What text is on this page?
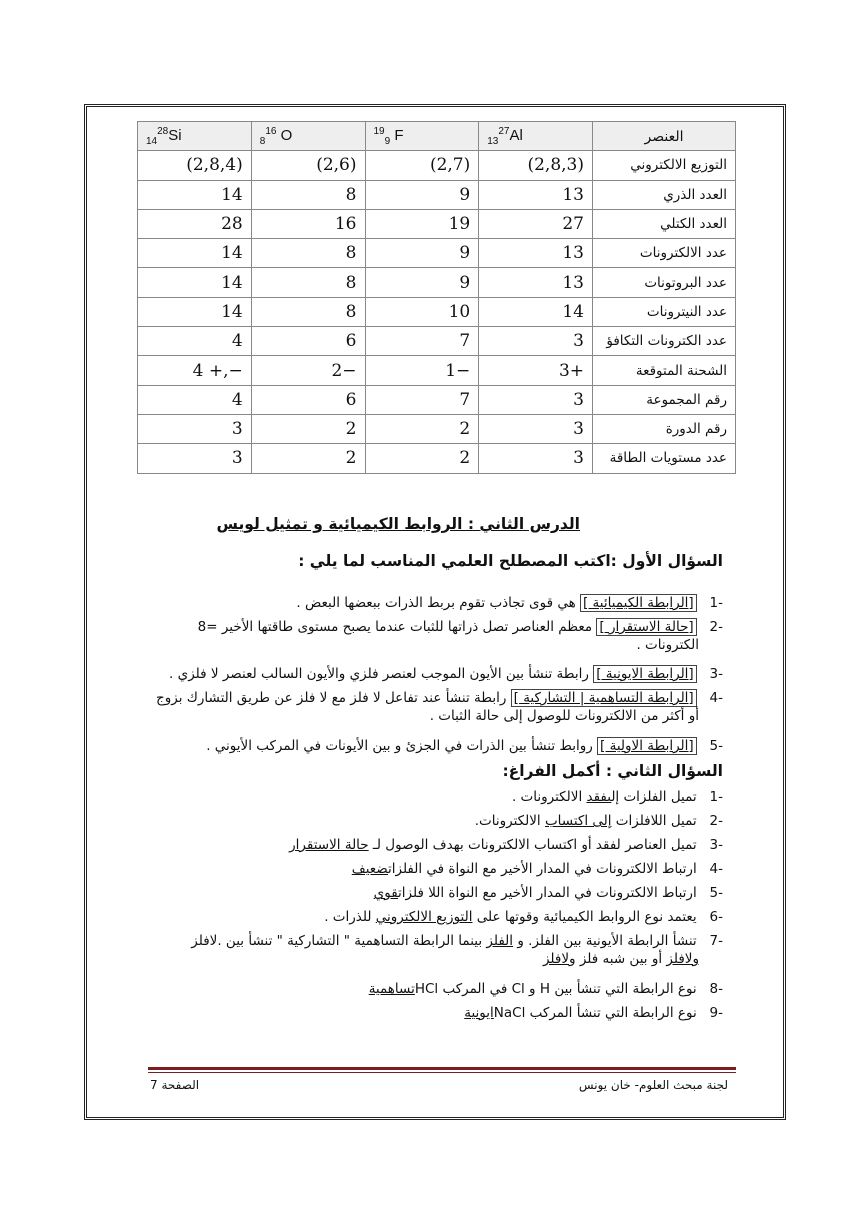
$_{14}^{28}$Si	$_8^{16}$ O	$^{19}_9$ F	$_{13}^{27}$Al	العنصر
(2,8,4)	(2,6)	(2,7)	(2,8,3)	التوزيع الالكتروني
14	8	9	13	العدد الذري
28	16	19	27	العدد الكتلي
14	8	9	13	عدد الالكترونات
14	8	9	13	عدد البروتونات
14	8	10	14	عدد النيترونات
4	6	7	3	عدد الكترونات التكافؤ
4 +,−	2−	1−	3+	الشحنة المتوقعة
4	6	7	3	رقم المجموعة
3	2	2	3	رقم الدورة
3	2	2	3	عدد مستويات الطاقة
الدرس الثاني : الروابط الكيميائية و تمثيل لويس
السؤال الأول :اكتب المصطلح العلمي المناسب لما يلي :
-1 [الرابطة الكيميائية ] هي قوى تجاذب تقوم بربط الذرات ببعضها البعض .
-2 [حالة الاستقرار ] معظم العناصر تصل ذراتها للثبات عندما يصبح مستوى طاقتها الأخير =8
الكترونات .
-3 [الرابطة الايونية ] رابطة تنشأ بين الأيون الموجب لعنصر فلزي والأيون السالب لعنصر لا فلزي .
-4 [الرابطة التساهمية | التشاركية ] رابطة تنشأ عند تفاعل لا فلز مع لا فلز عن طريق التشارك بزوج
أو أكثر من الالكترونات للوصول إلى حالة الثبات .
-5 [الرابطة الاولية ] روابط تنشأ بين الذرات في الجزئ و بين الأيونات في المركب الأيوني .
السؤال الثاني : أكمل الفراغ:
-1 تميل الفلزات إلىفقد الالكترونات .
-2 تميل اللافلزات إلى اكتساب الالكترونات.
-3 تميل العناصر لفقد أو اكتساب الالكترونات بهدف الوصول لـ حالة الاستقرار
-4 ارتباط الالكترونات في المدار الأخير مع النواة في الفلزاتضعيف
-5 ارتباط الالكترونات في المدار الأخير مع النواة اللا فلزاتقوي
-6 يعتمد نوع الروابط الكيميائية وقوتها على التوزيع الالكتروني للذرات .
-7 تنشأ الرابطة الأيونية بين الفلز. و الفلز بينما الرابطة التساهمية " التشاركية " تنشأ بين .لافلز
ولافلز أو بين شبه فلز ولافلز
-8 نوع الرابطة التي تنشأ بين H و Cl في المركب HClتساهمية
-9 نوع الرابطة التي تنشأ المركب NaClايونية
الصفحة 7	لجنة مبحث العلوم- خان يونس
